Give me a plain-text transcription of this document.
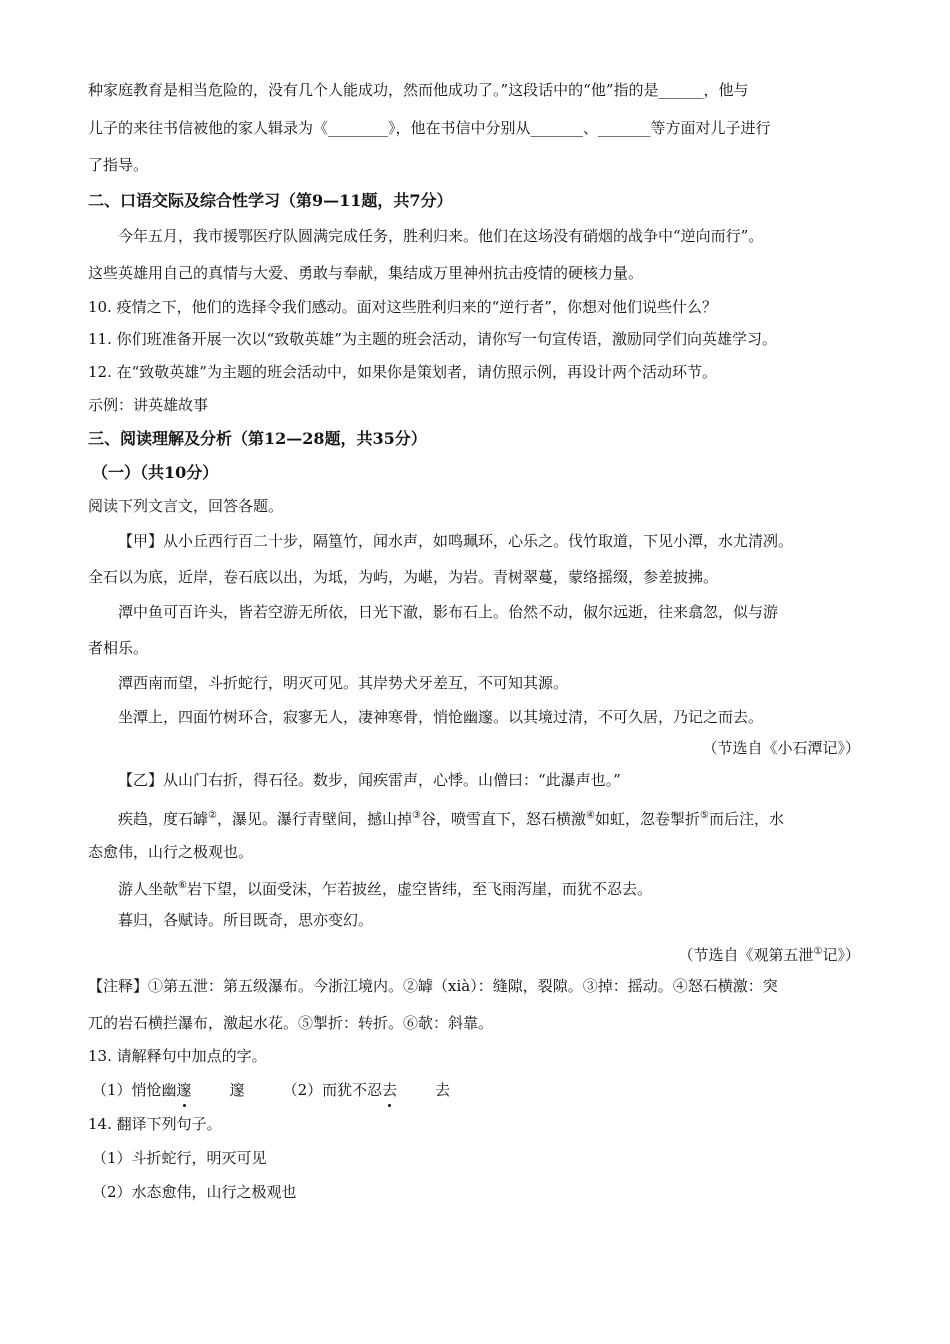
种家庭教育是相当危险的，没有几个人能成功，然而他成功了。”这段话中的“他”指的是______，他与
儿子的来往书信被他的家人辑录为《________》，他在书信中分别从_______、_______等方面对儿子进行
了指导。
二、口语交际及综合性学习（第9—11题，共7分）
今年五月，我市援鄂医疗队圆满完成任务，胜利归来。他们在这场没有硝烟的战争中“逆向而行”。
这些英雄用自己的真情与大爱、勇敢与奉献，集结成万里神州抗击疫情的硬核力量。
10. 疫情之下，他们的选择令我们感动。面对这些胜利归来的“逆行者”，你想对他们说些什么？
11. 你们班准备开展一次以“致敬英雄”为主题的班会活动，请你写一句宣传语，激励同学们向英雄学习。
12. 在“致敬英雄”为主题的班会活动中，如果你是策划者，请仿照示例，再设计两个活动环节。
示例：讲英雄故事
三、阅读理解及分析（第12—28题，共35分）
（一）（共10分）
阅读下列文言文，回答各题。
【甲】从小丘西行百二十步，隔篁竹，闻水声，如鸣珮环，心乐之。伐竹取道，下见小潭，水尤清冽。
全石以为底，近岸，卷石底以出，为坻，为屿，为嵁，为岩。青树翠蔓，蒙络摇缀，参差披拂。
潭中鱼可百许头，皆若空游无所依，日光下澈，影布石上。佁然不动，俶尔远逝，往来翕忽，似与游
者相乐。
潭西南而望，斗折蛇行，明灭可见。其岸势犬牙差互，不可知其源。
坐潭上，四面竹树环合，寂寥无人，凄神寒骨，悄怆幽邃。以其境过清，不可久居，乃记之而去。
（节选自《小石潭记》）
【乙】从山门右折，得石径。数步，闻疾雷声，心悸。山僧曰：“此瀑声也。”
疾趋，度石罅②，瀑见。瀑行青壁间，撼山掉③谷，喷雪直下，怒石横激④如虹，忽卷掣折⑤而后注，水
态愈伟，山行之极观也。
游人坐欹⑥岩下望，以面受沫，乍若披丝，虚空皆纬，至飞雨泻崖，而犹不忍去。
暮归，各赋诗。所目既奇，思亦变幻。
（节选自《观第五泄①记》）
【注释】①第五泄：第五级瀑布。今浙江境内。②罅（xià）：缝隙，裂隙。③掉：摇动。④怒石横激：突
兀的岩石横拦瀑布，激起水花。⑤掣折：转折。⑥欹：斜靠。
13. 请解释句中加点的字。
（1）悄怆幽邃	邃	（2）而犹不忍去	去
14. 翻译下列句子。
（1）斗折蛇行，明灭可见
（2）水态愈伟，山行之极观也
